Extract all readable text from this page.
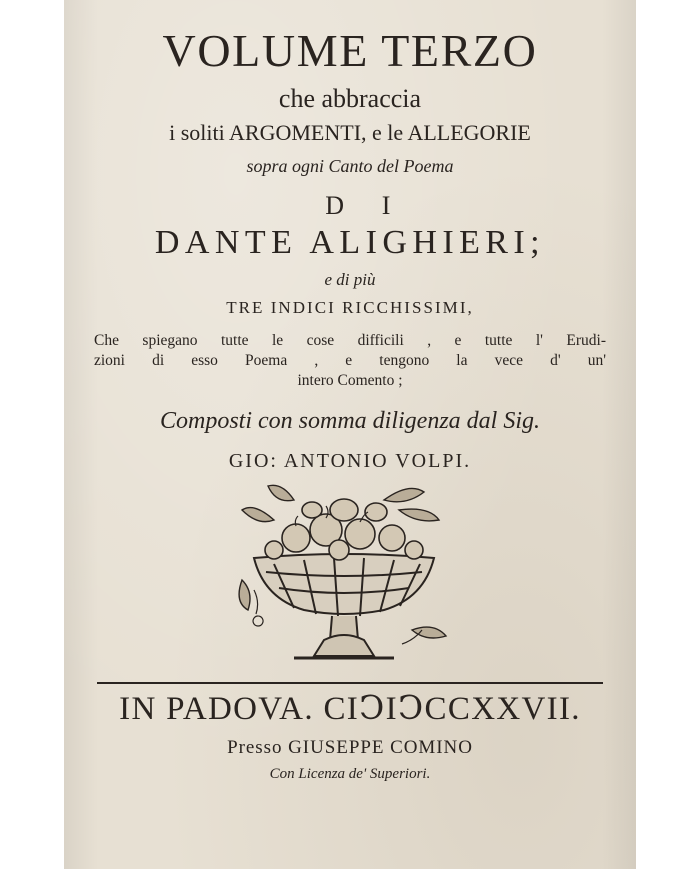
VOLUME TERZO
che abbraccia
i soliti ARGOMENTI, e le ALLEGORIE
sopra ogni Canto del Poema
D I
DANTE ALIGHIERI;
e di più
TRE INDICI RICCHISSIMI,
Che spiegano tutte le cose difficili , e tutte l' Erudi-
zioni di esso Poema , e tengono la vece d' un'
intero Comento ;
Composti con somma diligenza dal Sig.
GIO: ANTONIO VOLPI.
IN PADOVA. CIↃIↃCCXXVII.
Presso GIUSEPPE COMINO
Con Licenza de' Superiori.
